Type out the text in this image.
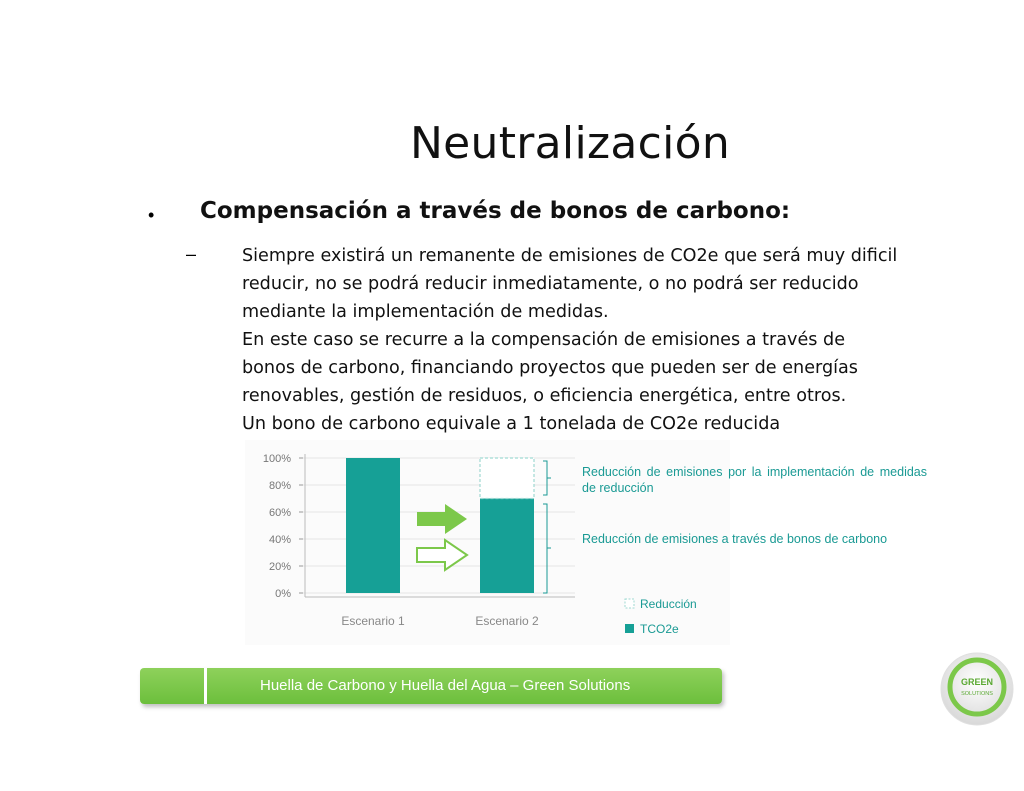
Neutralización
• Compensación a través de bonos de carbono:
–	Siempre existirá un remanente de emisiones de CO2e que será muy dificil
reducir, no se podrá reducir inmediatamente, o no podrá ser reducido
mediante la implementación de medidas.
En este caso se recurre a la compensación de emisiones a través de
bonos de carbono, financiando proyectos que pueden ser de energías
renovables, gestión de residuos, o eficiencia energética, entre otros.
Un bono de carbono equivale a 1 tonelada de CO2e reducida
100%
80%
60%
40%
20%
0%
Escenario 1	Escenario 2
Reducción
TCO2e
Reducción de emisiones por la implementación de medidas de reducción
Reducción de emisiones a través de bonos de carbono
Huella de Carbono y Huella del Agua – Green Solutions	GREEN
SOLUTIONS
